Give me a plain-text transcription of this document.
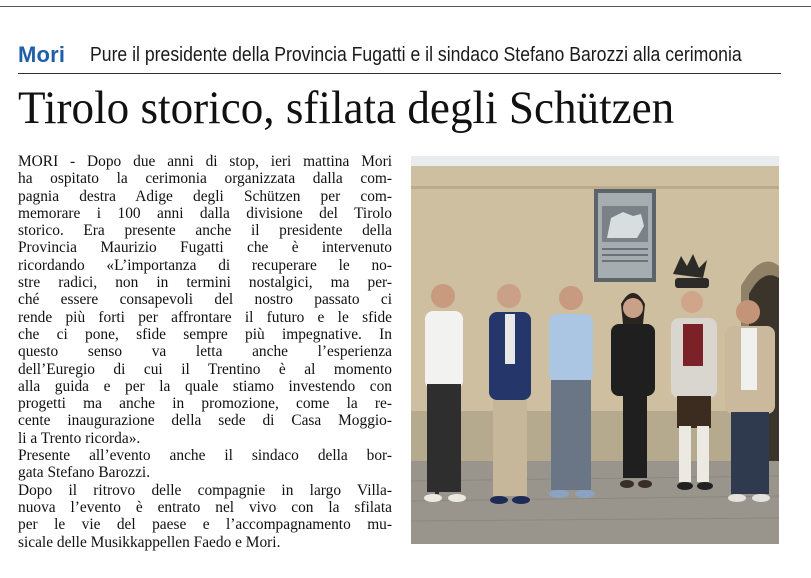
Mori Pure il presidente della Provincia Fugatti e il sindaco Stefano Barozzi alla cerimonia
Tirolo storico, sfilata degli Schützen
MORI - Dopo due anni di stop, ieri mattina Mori
ha ospitato la cerimonia organizzata dalla com-
pagnia destra Adige degli Schützen per com-
memorare i 100 anni dalla divisione del Tirolo
storico. Era presente anche il presidente della
Provincia Maurizio Fugatti che è intervenuto
ricordando «L’importanza di recuperare le no-
stre radici, non in termini nostalgici, ma per-
ché essere consapevoli del nostro passato ci
rende più forti per affrontare il futuro e le sfide
che ci pone, sfide sempre più impegnative. In
questo senso va letta anche l’esperienza
dell’Euregio di cui il Trentino è al momento
alla guida e per la quale stiamo investendo con
progetti ma anche in promozione, come la re-
cente inaugurazione della sede di Casa Moggio-
li a Trento ricorda».
Presente all’evento anche il sindaco della bor-
gata Stefano Barozzi.
Dopo il ritrovo delle compagnie in largo Villa-
nuova l’evento è entrato nel vivo con la sfilata
per le vie del paese e l’accompagnamento mu-
sicale delle Musikkappellen Faedo e Mori.
